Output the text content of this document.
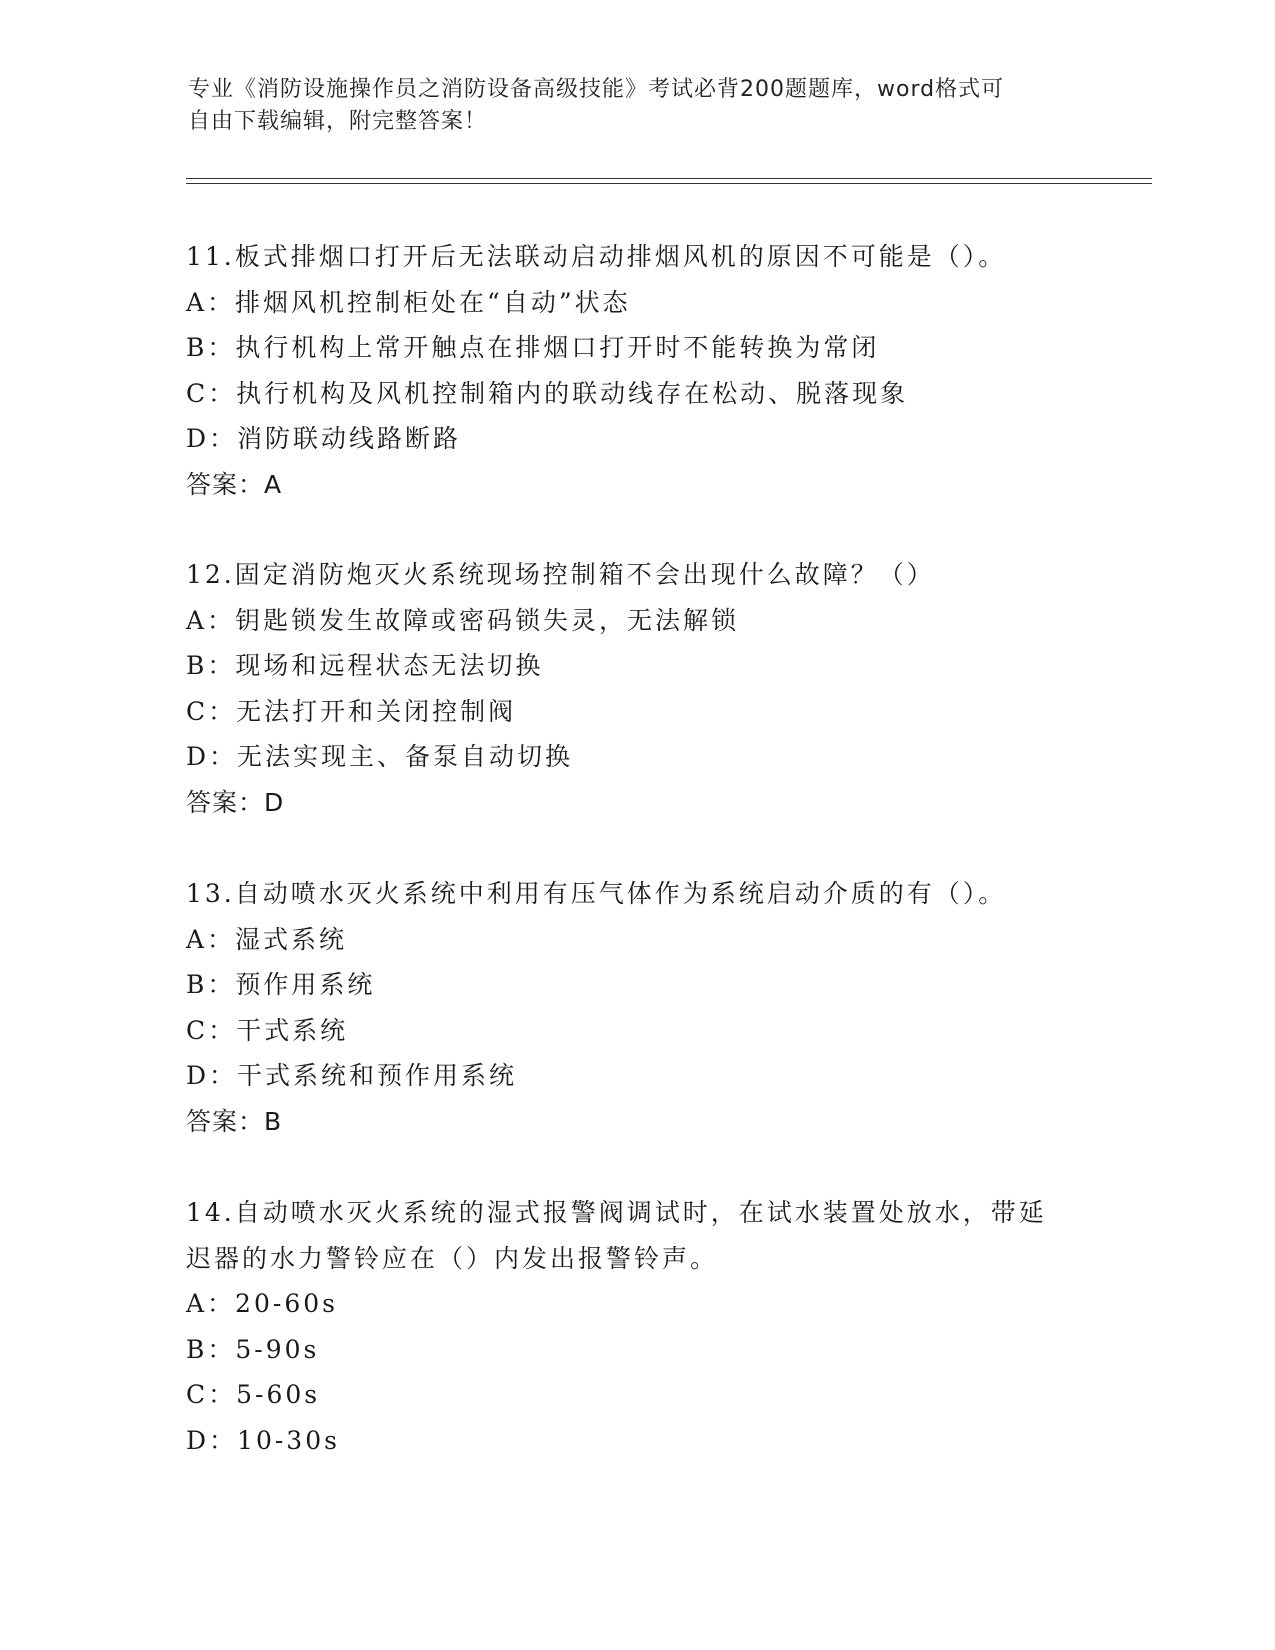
专业《消防设施操作员之消防设备高级技能》考试必背200题题库，word格式可
自由下载编辑，附完整答案！
11.板式排烟口打开后无法联动启动排烟风机的原因不可能是（）。
A：排烟风机控制柜处在“自动”状态
B：执行机构上常开触点在排烟口打开时不能转换为常闭
C：执行机构及风机控制箱内的联动线存在松动、脱落现象
D：消防联动线路断路
答案：A
12.固定消防炮灭火系统现场控制箱不会出现什么故障？（）
A：钥匙锁发生故障或密码锁失灵，无法解锁
B：现场和远程状态无法切换
C：无法打开和关闭控制阀
D：无法实现主、备泵自动切换
答案：D
13.自动喷水灭火系统中利用有压气体作为系统启动介质的有（）。
A：湿式系统
B：预作用系统
C：干式系统
D：干式系统和预作用系统
答案：B
14.自动喷水灭火系统的湿式报警阀调试时，在试水装置处放水，带延
迟器的水力警铃应在（）内发出报警铃声。
A：20-60s
B：5-90s
C：5-60s
D：10-30s
